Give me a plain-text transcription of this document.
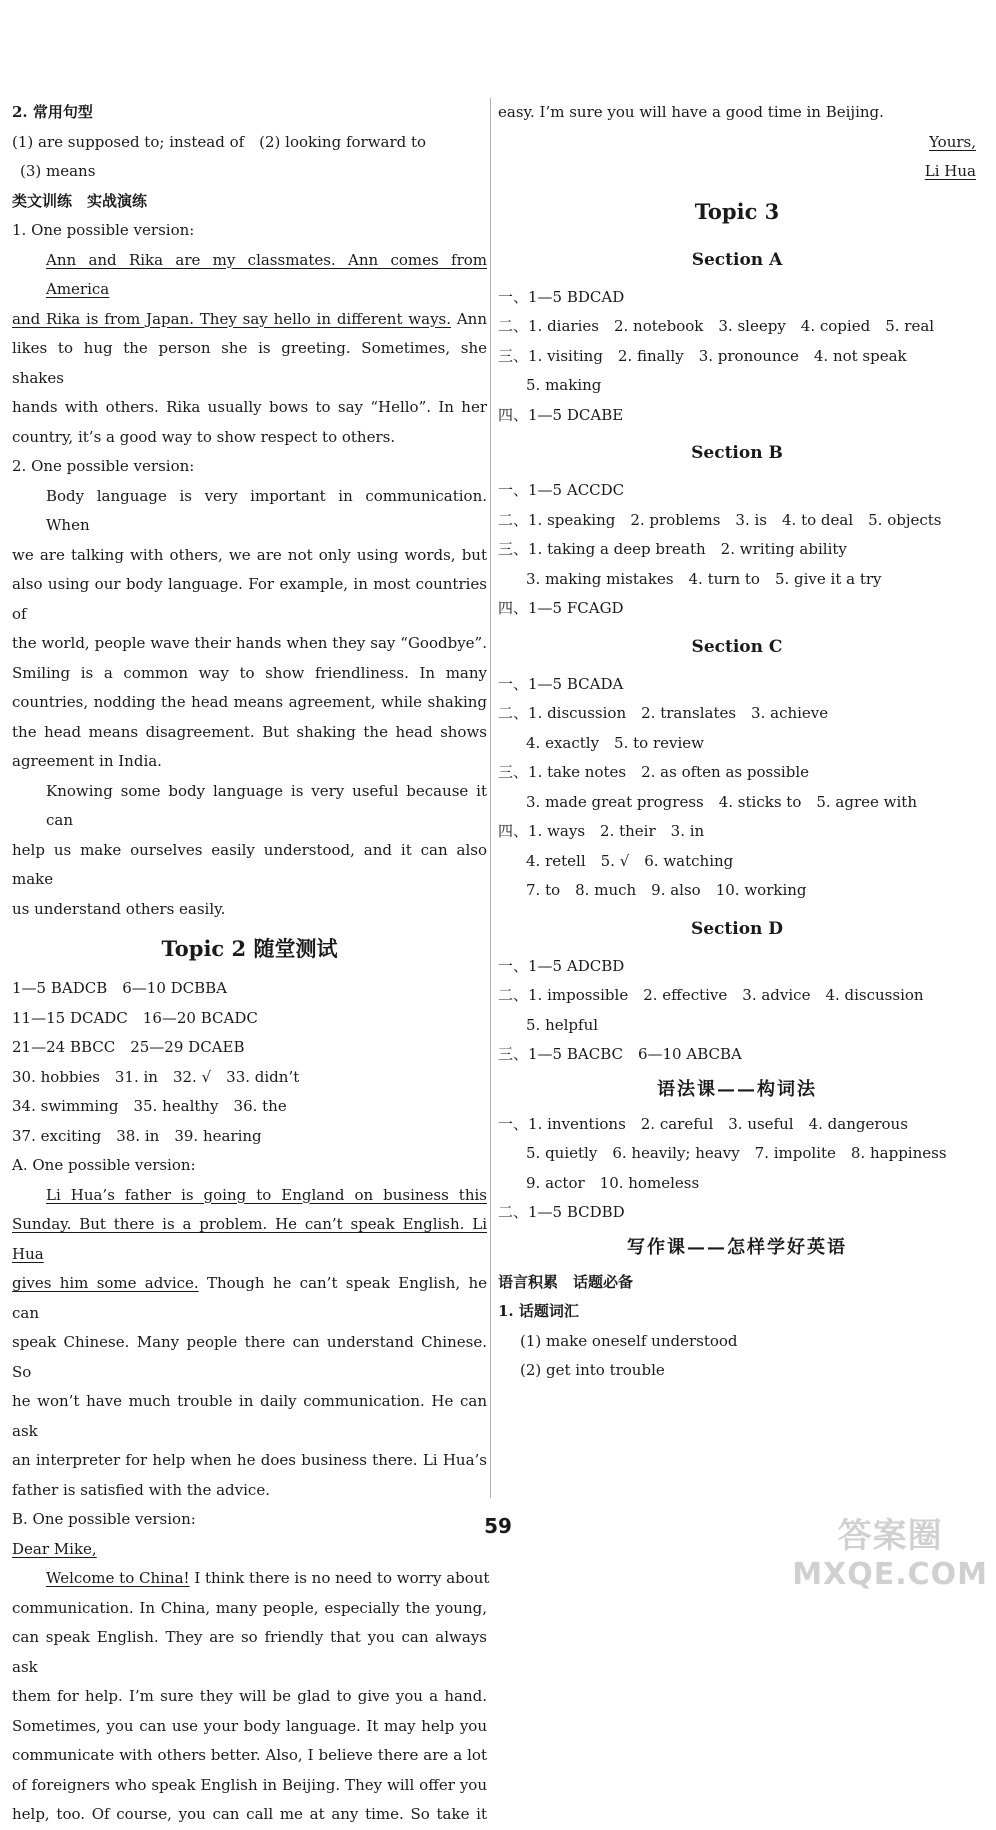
2. 常用句型
(1) are supposed to; instead of　(2) looking forward to
(3) means
类文训练　实战演练
1. One possible version:
Ann and Rika are my classmates. Ann comes from America
and Rika is from Japan. They say hello in different ways. Ann
likes to hug the person she is greeting. Sometimes, she shakes
hands with others. Rika usually bows to say “Hello”. In her
country, it’s a good way to show respect to others.
2. One possible version:
Body language is very important in communication. When
we are talking with others, we are not only using words, but
also using our body language. For example, in most countries of
the world, people wave their hands when they say “Goodbye”.
Smiling is a common way to show friendliness. In many
countries, nodding the head means agreement, while shaking
the head means disagreement. But shaking the head shows
agreement in India.
Knowing some body language is very useful because it can
help us make ourselves easily understood, and it can also make
us understand others easily.
Topic 2 随堂测试
1—5 BADCB　6—10 DCBBA
11—15 DCADC　16—20 BCADC
21—24 BBCC　25—29 DCAEB
30. hobbies　31. in　32. √　33. didn’t
34. swimming　35. healthy　36. the
37. exciting　38. in　39. hearing
A. One possible version:
Li Hua’s father is going to England on business this
Sunday. But there is a problem. He can’t speak English. Li Hua
gives him some advice. Though he can’t speak English, he can
speak Chinese. Many people there can understand Chinese. So
he won’t have much trouble in daily communication. He can ask
an interpreter for help when he does business there. Li Hua’s
father is satisfied with the advice.
B. One possible version:
Dear Mike,
Welcome to China! I think there is no need to worry about
communication. In China, many people, especially the young,
can speak English. They are so friendly that you can always ask
them for help. I’m sure they will be glad to give you a hand.
Sometimes, you can use your body language. It may help you
communicate with others better. Also, I believe there are a lot
of foreigners who speak English in Beijing. They will offer you
help, too. Of course, you can call me at any time. So take it
easy. I’m sure you will have a good time in Beijing.
Yours,
Li Hua
Topic 3
Section A
一、1—5 BDCAD
二、1. diaries　2. notebook　3. sleepy　4. copied　5. real
三、1. visiting　2. finally　3. pronounce　4. not speak
5. making
四、1—5 DCABE
Section B
一、1—5 ACCDC
二、1. speaking　2. problems　3. is　4. to deal　5. objects
三、1. taking a deep breath　2. writing ability
3. making mistakes　4. turn to　5. give it a try
四、1—5 FCAGD
Section C
一、1—5 BCADA
二、1. discussion　2. translates　3. achieve
4. exactly　5. to review
三、1. take notes　2. as often as possible
3. made great progress　4. sticks to　5. agree with
四、1. ways　2. their　3. in
4. retell　5. √　6. watching
7. to　8. much　9. also　10. working
Section D
一、1—5 ADCBD
二、1. impossible　2. effective　3. advice　4. discussion
5. helpful
三、1—5 BACBC　6—10 ABCBA
语法课——构词法
一、1. inventions　2. careful　3. useful　4. dangerous
5. quietly　6. heavily; heavy　7. impolite　8. happiness
9. actor　10. homeless
二、1—5 BCDBD
写作课——怎样学好英语
语言积累　话题必备
1. 话题词汇
(1) make oneself understood
(2) get into trouble
59	答案圈
MXQE.COM
